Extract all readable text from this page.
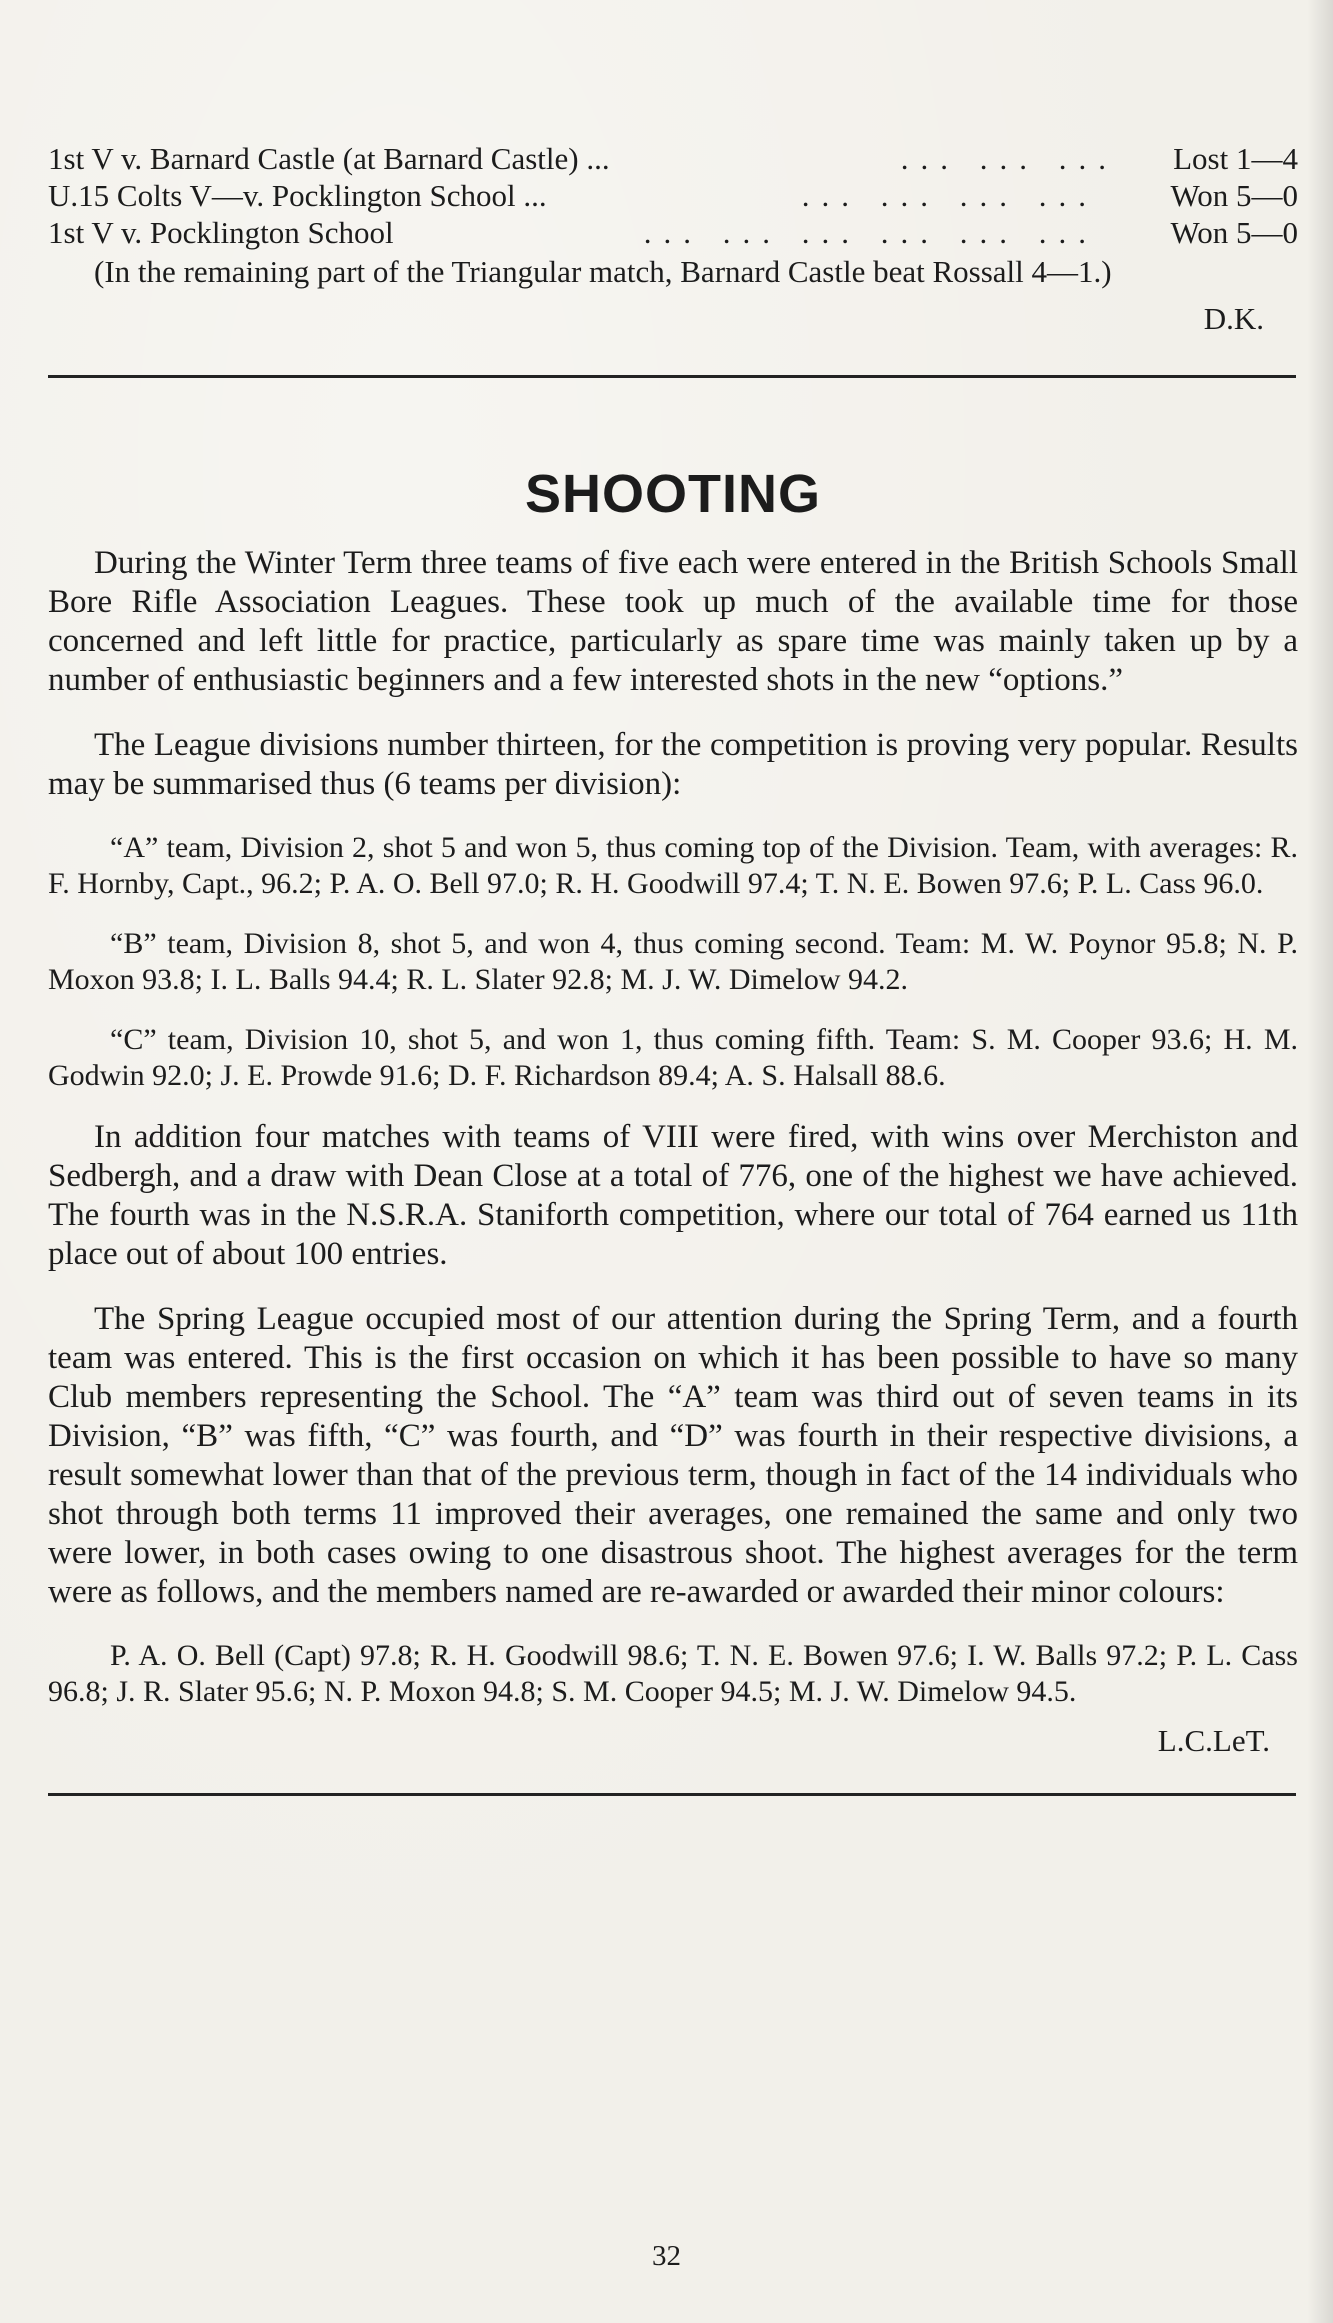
1st V v. Barnard Castle (at Barnard Castle) ...	... ... ... Lost 1—4
U.15 Colts V—v. Pocklington School ...	... ... ... ... Won 5—0
1st V v. Pocklington School	... ... ... ... ... ... Won 5—0
(In the remaining part of the Triangular match, Barnard Castle beat Rossall 4—1.)
D.K.
SHOOTING

During the Winter Term three teams of five each were entered in the British Schools Small Bore Rifle Association Leagues. These took up much of the available time for those concerned and left little for practice, particularly as spare time was mainly taken up by a number of enthusiastic beginners and a few interested shots in the new “options.”

The League divisions number thirteen, for the competition is proving very popular. Results may be summarised thus (6 teams per division):

“A” team, Division 2, shot 5 and won 5, thus coming top of the Division. Team, with averages: R. F. Hornby, Capt., 96.2; P. A. O. Bell 97.0; R. H. Goodwill 97.4; T. N. E. Bowen 97.6; P. L. Cass 96.0.

“B” team, Division 8, shot 5, and won 4, thus coming second. Team: M. W. Poynor 95.8; N. P. Moxon 93.8; I. L. Balls 94.4; R. L. Slater 92.8; M. J. W. Dimelow 94.2.

“C” team, Division 10, shot 5, and won 1, thus coming fifth. Team: S. M. Cooper 93.6; H. M. Godwin 92.0; J. E. Prowde 91.6; D. F. Richardson 89.4; A. S. Halsall 88.6.

In addition four matches with teams of VIII were fired, with wins over Merchiston and Sedbergh, and a draw with Dean Close at a total of 776, one of the highest we have achieved. The fourth was in the N.S.R.A. Staniforth competition, where our total of 764 earned us 11th place out of about 100 entries.

The Spring League occupied most of our attention during the Spring Term, and a fourth team was entered. This is the first occasion on which it has been possible to have so many Club members representing the School. The “A” team was third out of seven teams in its Division, “B” was fifth, “C” was fourth, and “D” was fourth in their respective divisions, a result somewhat lower than that of the previous term, though in fact of the 14 individuals who shot through both terms 11 improved their averages, one remained the same and only two were lower, in both cases owing to one disastrous shoot. The highest averages for the term were as follows, and the members named are re-awarded or awarded their minor colours:

P. A. O. Bell (Capt) 97.8; R. H. Goodwill 98.6; T. N. E. Bowen 97.6; I. W. Balls 97.2; P. L. Cass 96.8; J. R. Slater 95.6; N. P. Moxon 94.8; S. M. Cooper 94.5; M. J. W. Dimelow 94.5.

L.C.LeT.
32
